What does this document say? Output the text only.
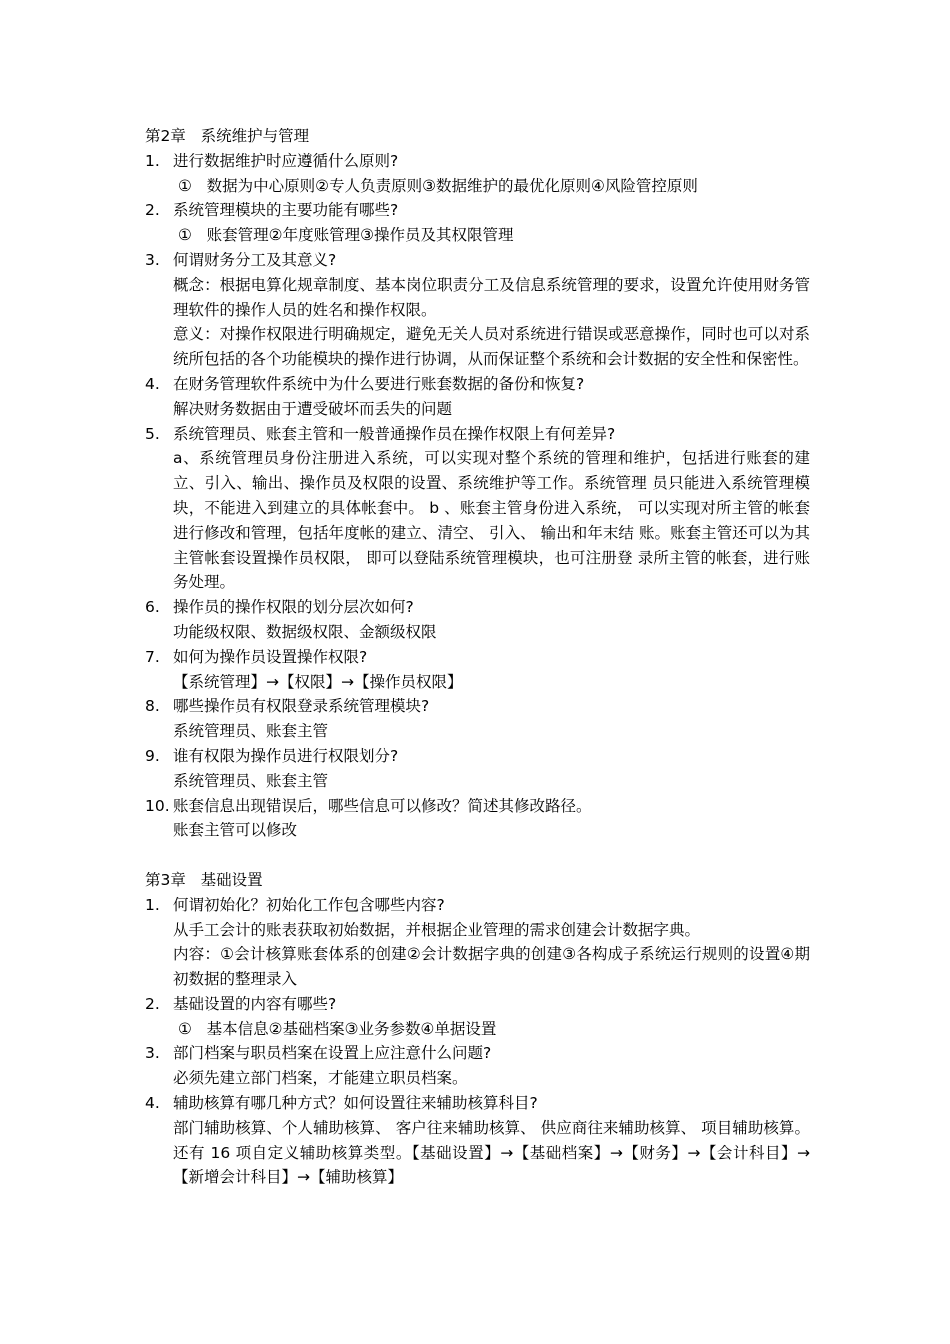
第2章   系统维护与管理
1. 进行数据维护时应遵循什么原则?
①   数据为中心原则②专人负责原则③数据维护的最优化原则④风险管控原则
2. 系统管理模块的主要功能有哪些?
①   账套管理②年度账管理③操作员及其权限管理
3. 何谓财务分工及其意义?
概念：根据电算化规章制度、基本岗位职责分工及信息系统管理的要求，设置允许使用财务管理软件的操作人员的姓名和操作权限。
意义：对操作权限进行明确规定，避免无关人员对系统进行错误或恶意操作，同时也可以对系统所包括的各个功能模块的操作进行协调，从而保证整个系统和会计数据的安全性和保密性。
4. 在财务管理软件系统中为什么要进行账套数据的备份和恢复?
解决财务数据由于遭受破坏而丢失的问题
5. 系统管理员、账套主管和一般普通操作员在操作权限上有何差异?
a、系统管理员身份注册进入系统，可以实现对整个系统的管理和维护，包括进行账套的建立、引入、输出、操作员及权限的设置、系统维护等工作。系统管理 员只能进入系统管理模块，不能进入到建立的具体帐套中。 b 、账套主管身份进入系统， 可以实现对所主管的帐套进行修改和管理，包括年度帐的建立、清空、 引入、 输出和年末结 账。账套主管还可以为其主管帐套设置操作员权限， 即可以登陆系统管理模块，也可注册登 录所主管的帐套，进行账务处理。
6. 操作员的操作权限的划分层次如何?
功能级权限、数据级权限、金额级权限
7. 如何为操作员设置操作权限?
【系统管理】→【权限】→【操作员权限】
8. 哪些操作员有权限登录系统管理模块?
系统管理员、账套主管
9. 谁有权限为操作员进行权限划分?
系统管理员、账套主管
10. 账套信息出现错误后，哪些信息可以修改？简述其修改路径。
账套主管可以修改
第3章   基础设置
1. 何谓初始化？初始化工作包含哪些内容?
从手工会计的账表获取初始数据，并根据企业管理的需求创建会计数据字典。
内容：①会计核算账套体系的创建②会计数据字典的创建③各构成子系统运行规则的设置④期初数据的整理录入
2. 基础设置的内容有哪些?
①   基本信息②基础档案③业务参数④单据设置
3. 部门档案与职员档案在设置上应注意什么问题?
必须先建立部门档案，才能建立职员档案。
4. 辅助核算有哪几种方式？如何设置往来辅助核算科目?
部门辅助核算、个人辅助核算、 客户往来辅助核算、 供应商往来辅助核算、 项目辅助核算。 还有 16 项自定义辅助核算类型。【基础设置】→【基础档案】→【财务】→【会计科目】→【新增会计科目】→【辅助核算】
